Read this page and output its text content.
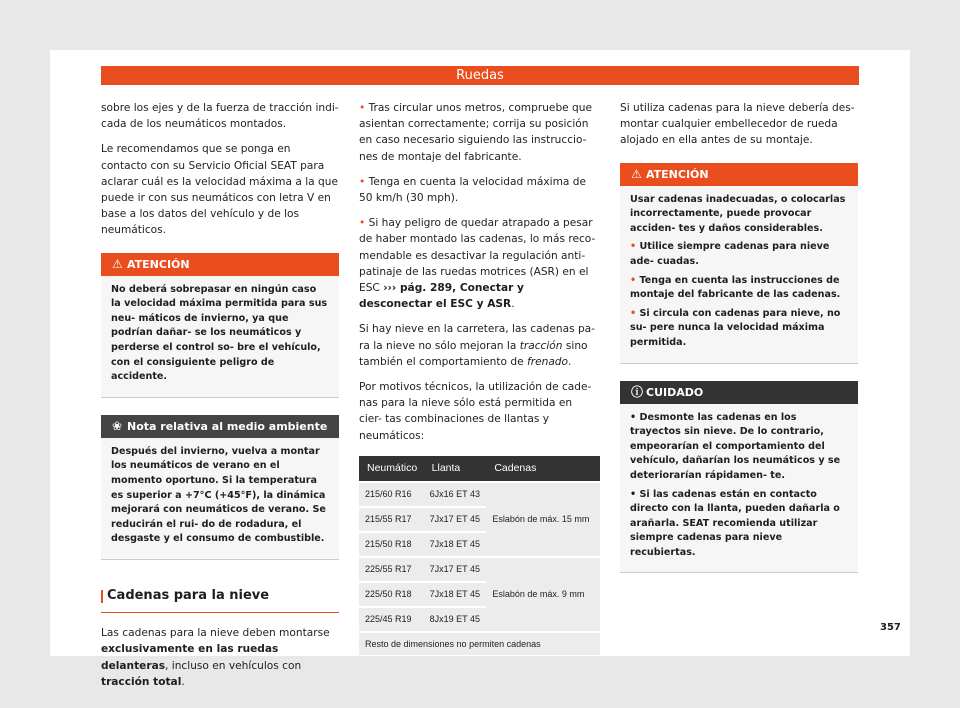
Ruedas

sobre los ejes y de la fuerza de tracción indi- cada de los neumáticos montados.

Le recomendamos que se ponga en contacto con su Servicio Oficial SEAT para aclarar cuál es la velocidad máxima a la que puede ir con sus neumáticos con letra V en base a los datos del vehículo y de los neumáticos.

⚠ ATENCIÓN

No deberá sobrepasar en ningún caso la velocidad máxima permitida para sus neu- máticos de invierno, ya que podrían dañar- se los neumáticos y perderse el control so- bre el vehículo, con el consiguiente peligro de accidente.

❀ Nota relativa al medio ambiente

Después del invierno, vuelva a montar los neumáticos de verano en el momento oportuno. Si la temperatura es superior a +7°C (+45°F), la dinámica mejorará con neumáticos de verano. Se reducirán el rui- do de rodadura, el desgaste y el consumo de combustible.

Cadenas para la nieve

Las cadenas para la nieve deben montarse exclusivamente en las ruedas delanteras, incluso en vehículos con tracción total.

• Tras circular unos metros, compruebe que asientan correctamente; corrija su posición en caso necesario siguiendo las instruccio- nes de montaje del fabricante.

• Tenga en cuenta la velocidad máxima de 50 km/h (30 mph).

• Si hay peligro de quedar atrapado a pesar de haber montado las cadenas, lo más reco- mendable es desactivar la regulación anti- patinaje de las ruedas motrices (ASR) en el ESC ››› pág. 289, Conectar y desconectar el ESC y ASR.

Si hay nieve en la carretera, las cadenas pa- ra la nieve no sólo mejoran la tracción sino también el comportamiento de frenado.

Por motivos técnicos, la utilización de cade- nas para la nieve sólo está permitida en cier- tas combinaciones de llantas y neumáticos:

Neumático	Llanta	Cadenas
215/60 R16	6Jx16 ET 43	Eslabón de máx. 15 mm
215/55 R17	7Jx17 ET 45	
215/50 R18	7Jx18 ET 45	
225/55 R17	7Jx17 ET 45	Eslabón de máx. 9 mm
225/50 R18	7Jx18 ET 45	
225/45 R19	8Jx19 ET 45	
Resto de dimensiones no permiten cadenas		

Si utiliza cadenas para la nieve debería des- montar cualquier embellecedor de rueda alojado en ella antes de su montaje.

⚠ ATENCIÓN

Usar cadenas inadecuadas, o colocarlas incorrectamente, puede provocar acciden- tes y daños considerables.

• Utilice siempre cadenas para nieve ade- cuadas.

• Tenga en cuenta las instrucciones de montaje del fabricante de las cadenas.

• Si circula con cadenas para nieve, no su- pere nunca la velocidad máxima permitida.

ⓘ CUIDADO

• Desmonte las cadenas en los trayectos sin nieve. De lo contrario, empeorarían el comportamiento del vehículo, dañarían los neumáticos y se deteriorarían rápidamen- te.

• Si las cadenas están en contacto directo con la llanta, pueden dañarla o arañarla. SEAT recomienda utilizar siempre cadenas para nieve recubiertas.

357
